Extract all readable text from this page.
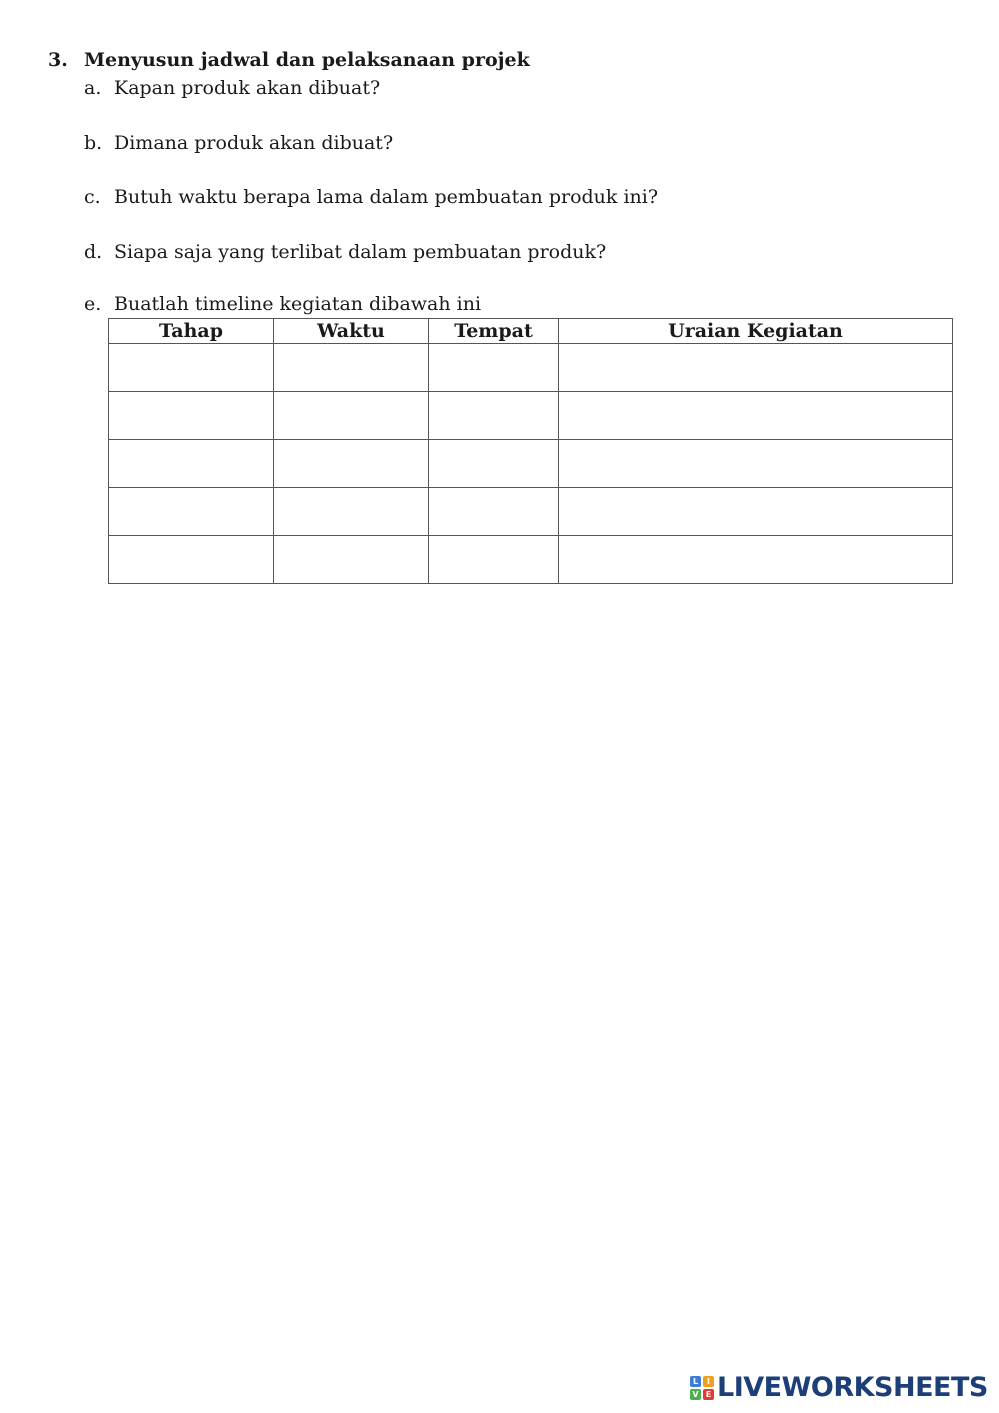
3. Menyusun jadwal dan pelaksanaan projek
a. Kapan produk akan dibuat?
b. Dimana produk akan dibuat?
c. Butuh waktu berapa lama dalam pembuatan produk ini?
d. Siapa saja yang terlibat dalam pembuatan produk?
e. Buatlah timeline kegiatan dibawah ini
Tahap	Waktu	Tempat	Uraian Kegiatan

L	I
V E LIVEWORKSHEETS
